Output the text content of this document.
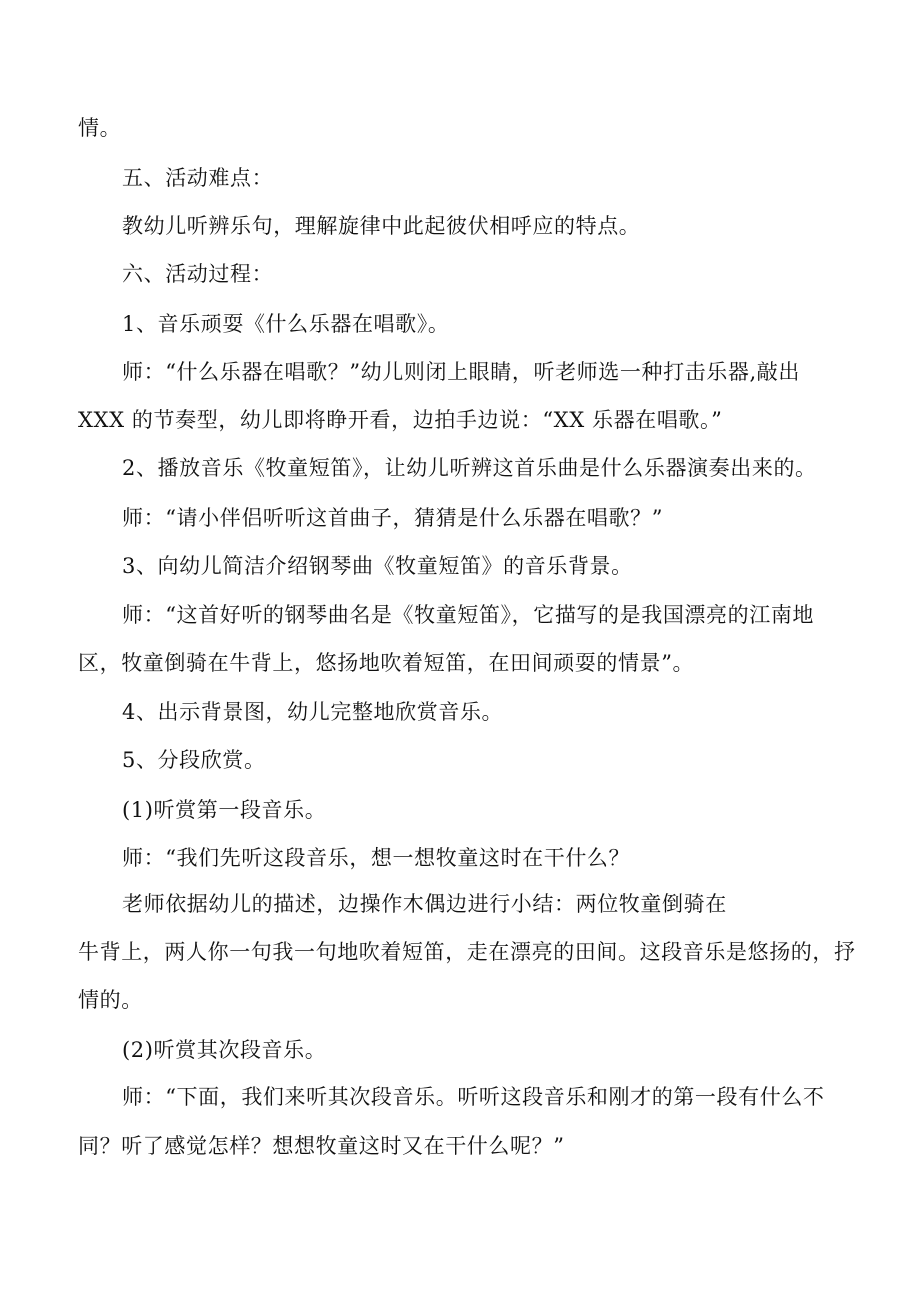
情。
五、活动难点：
教幼儿听辨乐句，理解旋律中此起彼伏相呼应的特点。
六、活动过程：
1、音乐顽耍《什么乐器在唱歌》。
师：“什么乐器在唱歌？”幼儿则闭上眼睛，听老师选一种打击乐器,敲出
XXX 的节奏型，幼儿即将睁开看，边拍手边说：“XX 乐器在唱歌。”
2、播放音乐《牧童短笛》，让幼儿听辨这首乐曲是什么乐器演奏出来的。
师：“请小伴侣听听这首曲子，猜猜是什么乐器在唱歌？”
3、向幼儿简洁介绍钢琴曲《牧童短笛》的音乐背景。
师：“这首好听的钢琴曲名是《牧童短笛》，它描写的是我国漂亮的江南地
区，牧童倒骑在牛背上，悠扬地吹着短笛，在田间顽耍的情景”。
4、出示背景图，幼儿完整地欣赏音乐。
5、分段欣赏。
(1)听赏第一段音乐。
师：“我们先听这段音乐，想一想牧童这时在干什么？
老师依据幼儿的描述，边操作木偶边进行小结：两位牧童倒骑在
牛背上，两人你一句我一句地吹着短笛，走在漂亮的田间。这段音乐是悠扬的，抒
情的。
(2)听赏其次段音乐。
师：“下面，我们来听其次段音乐。听听这段音乐和刚才的第一段有什么不
同？听了感觉怎样？想想牧童这时又在干什么呢？”
